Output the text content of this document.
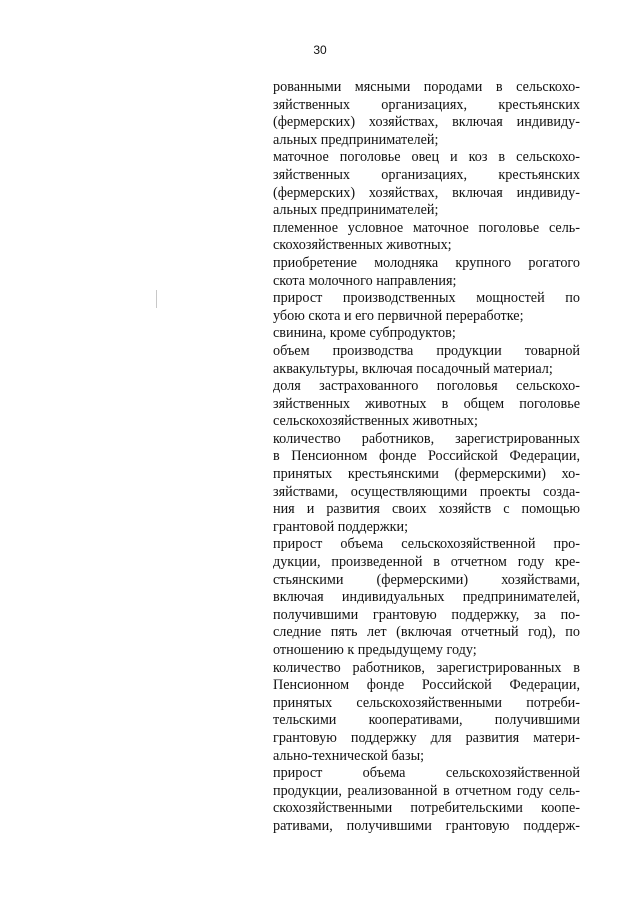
30
рованными мясными породами в сельскохо-
зяйственных организациях, крестьянских
(фермерских) хозяйствах, включая индивиду-
альных предпринимателей;
маточное поголовье овец и коз в сельскохо-
зяйственных организациях, крестьянских
(фермерских) хозяйствах, включая индивиду-
альных предпринимателей;
племенное условное маточное поголовье сель-
скохозяйственных животных;
приобретение молодняка крупного рогатого
скота молочного направления;
прирост производственных мощностей по
убою скота и его первичной переработке;
свинина, кроме субпродуктов;
объем производства продукции товарной
аквакультуры, включая посадочный материал;
доля застрахованного поголовья сельскохо-
зяйственных животных в общем поголовье
сельскохозяйственных животных;
количество работников, зарегистрированных
в Пенсионном фонде Российской Федерации,
принятых крестьянскими (фермерскими) хо-
зяйствами, осуществляющими проекты созда-
ния и развития своих хозяйств с помощью
грантовой поддержки;
прирост объема сельскохозяйственной про-
дукции, произведенной в отчетном году кре-
стьянскими (фермерскими) хозяйствами,
включая индивидуальных предпринимателей,
получившими грантовую поддержку, за по-
следние пять лет (включая отчетный год), по
отношению к предыдущему году;
количество работников, зарегистрированных в
Пенсионном фонде Российской Федерации,
принятых сельскохозяйственными потреби-
тельскими кооперативами, получившими
грантовую поддержку для развития матери-
ально-технической базы;
прирост объема сельскохозяйственной
продукции, реализованной в отчетном году сель-
скохозяйственными потребительскими коопе-
ративами, получившими грантовую поддерж-
